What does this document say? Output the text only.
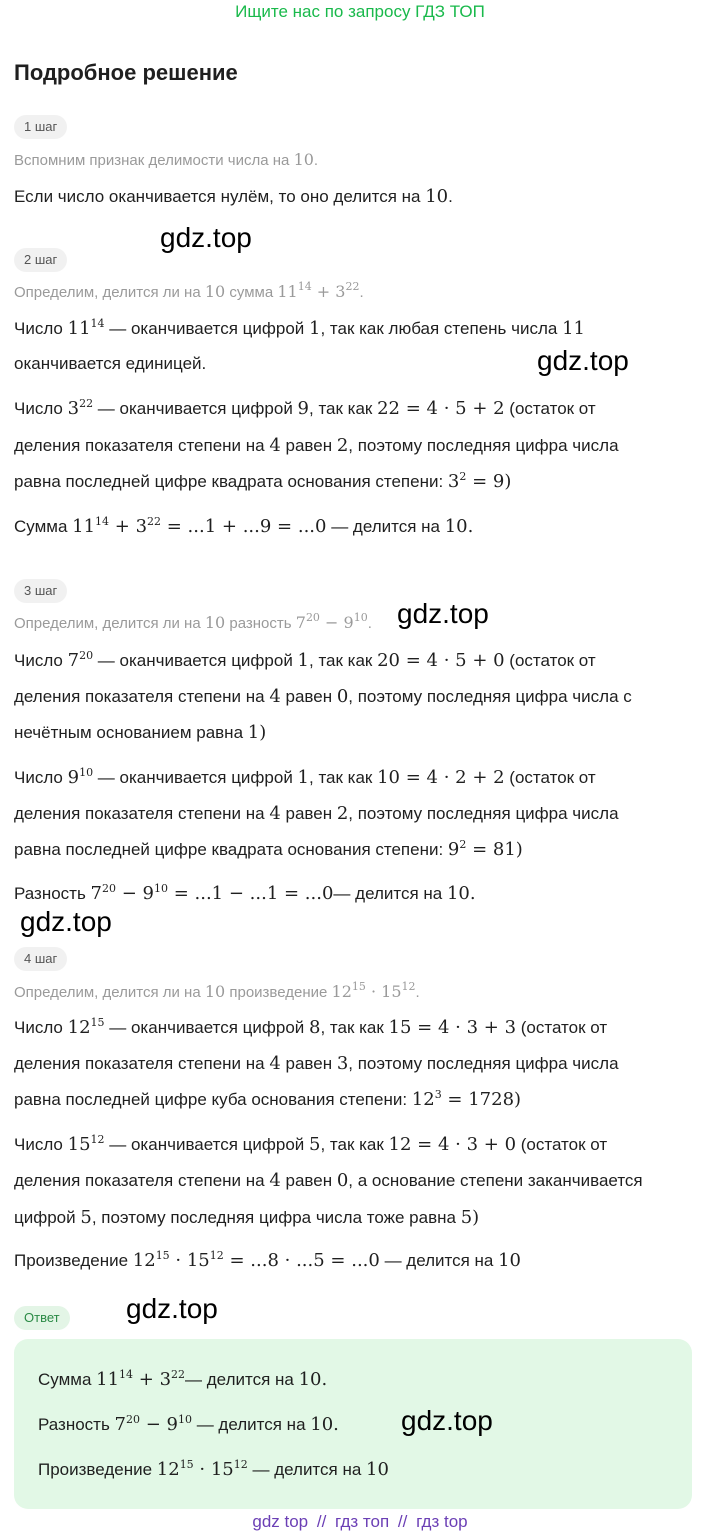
Ищите нас по запросу ГДЗ ТОП
Подробное решение
1 шаг
Вспомним признак делимости числа на 10.
Если число оканчивается нулём, то оно делится на 10.
gdz.top
2 шаг
Определим, делится ли на 10 сумма $11^{14} + 3^{22}$.
Число $11^{14}$ — оканчивается цифрой 1, так как любая степень числа 11
оканчивается единицей.	gdz.top
Число $3^{22}$ — оканчивается цифрой 9, так как 22 = 4 · 5 + 2 (остаток от
деления показателя степени на 4 равен 2, поэтому последняя цифра числа
равна последней цифре квадрата основания степени: $3^2 = 9$)
Сумма $11^{14} + 3^{22} = ...1 + ...9 = ...0$ — делится на 10.
3 шаг
Определим, делится ли на 10 разность $7^{20} - 9^{10}$. gdz.top
Число $7^{20}$ — оканчивается цифрой 1, так как 20 = 4 · 5 + 0 (остаток от
деления показателя степени на 4 равен 0, поэтому последняя цифра числа с
нечётным основанием равна 1)
Число $9^{10}$ — оканчивается цифрой 1, так как 10 = 4 · 2 + 2 (остаток от
деления показателя степени на 4 равен 2, поэтому последняя цифра числа
равна последней цифре квадрата основания степени: $9^2 = 81$)
Разность $7^{20} - 9^{10} = ...1 - ...1$ = ...0— делится на 10.
gdz.top
4 шаг
Определим, делится ли на 10 произведение $12^{15} \cdot 15^{12}$.
Число $12^{15}$ — оканчивается цифрой 8, так как 15 = 4 · 3 + 3 (остаток от
деления показателя степени на 4 равен 3, поэтому последняя цифра числа
равна последней цифре куба основания степени: $12^3 = 1728$)
Число $15^{12}$ — оканчивается цифрой 5, так как 12 = 4 · 3 + 0 (остаток от
деления показателя степени на 4 равен 0, а основание степени заканчивается
цифрой 5, поэтому последняя цифра числа тоже равна 5)
Произведение $12^{15} \cdot 15^{12} = ...8 \cdot ...5 = ...0$ — делится на 10
Ответ	gdz.top
Сумма $11^{14}$ + $3^{22}—$ делится на 10.
Разность $7^{20} - 9^{10}$ — делится на 10.
Произведение $12^{15} \cdot 15^{12}$ — делится на 10
gdz.top
gdz top // гдз топ // гдз top
